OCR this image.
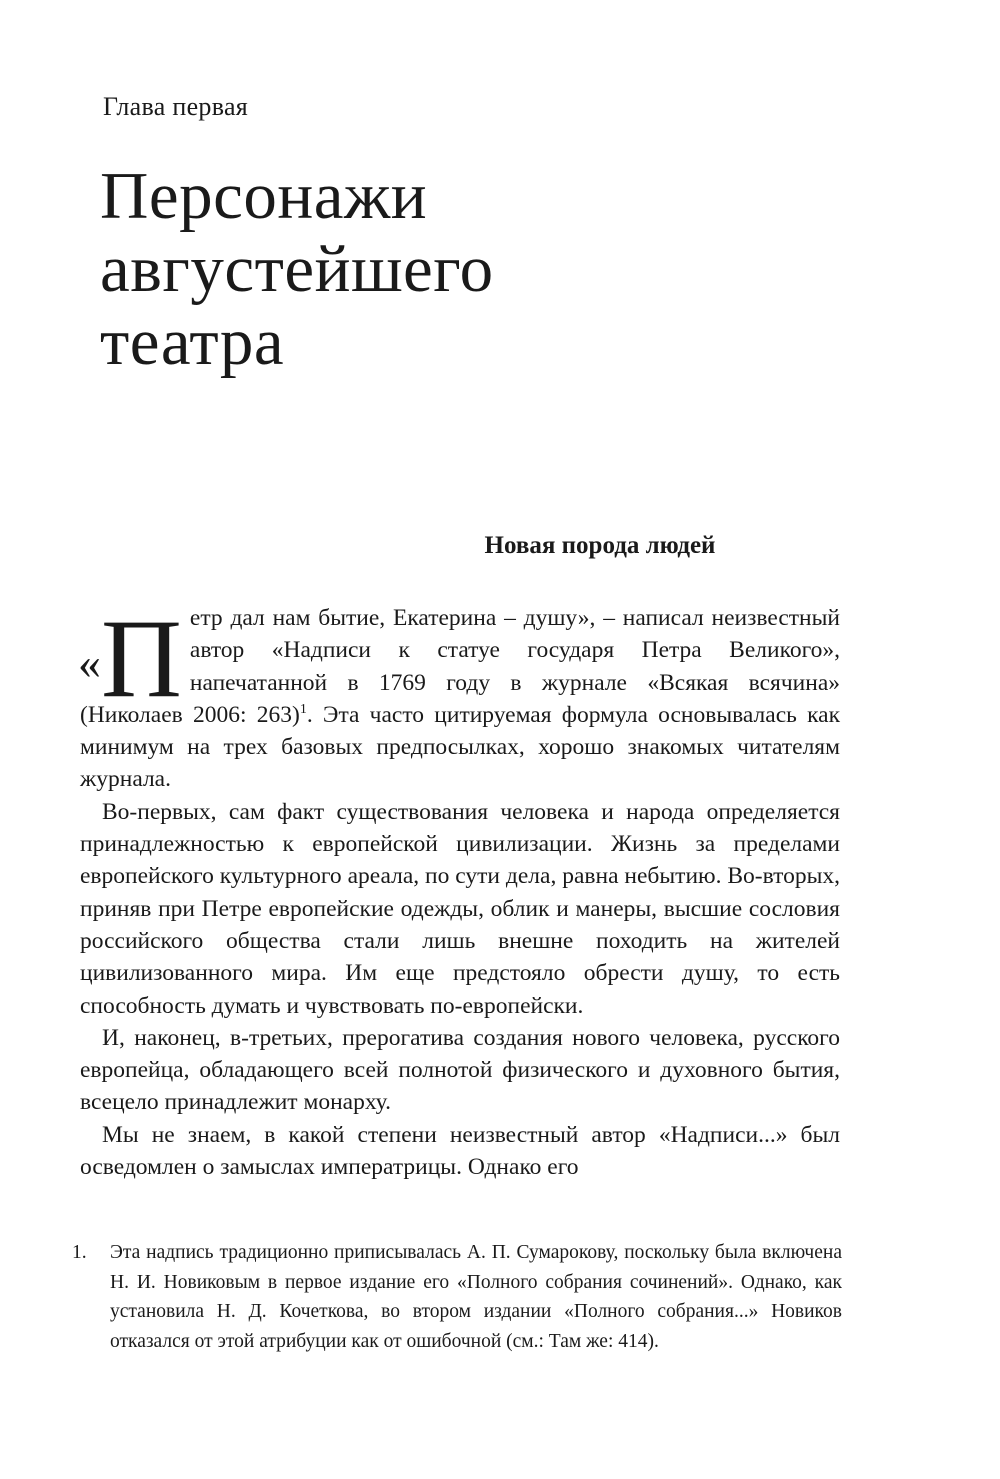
Глава первая
Персонажи
августейшего
театра
Новая порода людей

« П етр дал нам бытие, Екатерина – душу», – написал неизвестный автор «Надписи к статуе государя Петра Великого», напечатанной в 1769 году в журнале «Всякая всячина» (Николаев 2006: 263)$^1$. Эта часто цитируемая формула основывалась как минимум на трех базовых предпосылках, хорошо знакомых читателям журнала.

Во-первых, сам факт существования человека и народа определяется принадлежностью к европейской цивилизации. Жизнь за пределами европейского культурного ареала, по сути дела, равна небытию. Во-вторых, приняв при Петре европейские одежды, облик и манеры, высшие сословия российского общества стали лишь внешне походить на жителей цивилизованного мира. Им еще предстояло обрести душу, то есть способность думать и чувствовать по-европейски.

И, наконец, в-третьих, прерогатива создания нового человека, русского европейца, обладающего всей полнотой физического и духовного бытия, всецело принадлежит монарху.

Мы не знаем, в какой степени неизвестный автор «Надписи...» был осведомлен о замыслах императрицы. Однако его

1.	Эта надпись традиционно приписывалась А. П. Сумарокову, поскольку была включена Н. И. Новиковым в первое издание его «Полного собрания сочинений». Однако, как установила Н. Д. Кочеткова, во втором издании «Полного собрания...» Новиков отказался от этой атрибуции как от ошибочной (см.: Там же: 414).
